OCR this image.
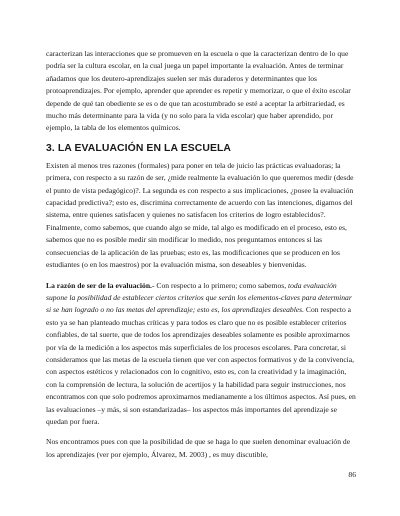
caracterizan las interacciones que se promueven en la escuela o que la caracterizan dentro de lo que podría ser la cultura escolar, en la cual juega un papel importante la evaluación. Antes de terminar añadamos que los deutero-aprendizajes suelen ser más duraderos y determinantes que los protoaprendizajes. Por ejemplo, aprender que aprender es repetir y memorizar, o que el éxito escolar depende de qué tan obediente se es o de que tan acostumbrado se esté a aceptar la arbitrariedad, es mucho más determinante para la vida (y no solo para la vida escolar) que haber aprendido, por ejemplo, la tabla de los elementos químicos.

3. LA EVALUACIÓN EN LA ESCUELA

Existen al menos tres razones (formales) para poner en tela de juicio las prácticas evaluadoras; la primera, con respecto a su razón de ser, ¿mide realmente la evaluación lo que queremos medir (desde el punto de vista pedagógico)?. La segunda es con respecto a sus implicaciones, ¿posee la evaluación capacidad predictiva?; esto es, discrimina correctamente de acuerdo con las intenciones, digamos del sistema, entre quienes satisfacen y quienes no satisfacen los criterios de logro establecidos?. Finalmente, como sabemos, que cuando algo se mide, tal algo es modificado en el proceso, esto es, sabemos que no es posible medir sin modificar lo medido, nos preguntamos entonces si las consecuencias de la aplicación de las pruebas; esto es, las modificaciones que se producen en los estudiantes (o en los maestros) por la evaluación misma, son deseables y bienvenidas.

La razón de ser de la evaluación.- Con respecto a lo primero; como sabemos, toda evaluación supone la posibilidad de establecer ciertos criterios que serán los elementos-claves para determinar si se han logrado o no las metas del aprendizaje; esto es, los aprendizajes deseables. Con respecto a esto ya se han planteado muchas críticas y para todos es claro que no es posible establecer criterios confiables, de tal suerte, que de todos los aprendizajes deseables solamente es posible aproximarnos por vía de la medición a los aspectos más superficiales de los procesos escolares. Para concretar, si consideramos que las metas de la escuela tienen que ver con aspectos formativos y de la convivencia, con aspectos estéticos y relacionados con lo cognitivo, esto es, con la creatividad y la imaginación, con la comprensión de lectura, la solución de acertijos y la habilidad para seguir instrucciones, nos encontramos con que solo podremos aproximarnos medianamente a los últimos aspectos. Así pues, en las evaluaciones –y más, si son estandarizadas– los aspectos más importantes del aprendizaje se quedan por fuera.

Nos encontramos pues con que la posibilidad de que se haga lo que suelen denominar evaluación de los aprendizajes (ver por ejemplo, Álvarez, M. 2003) , es muy discutible,

86
